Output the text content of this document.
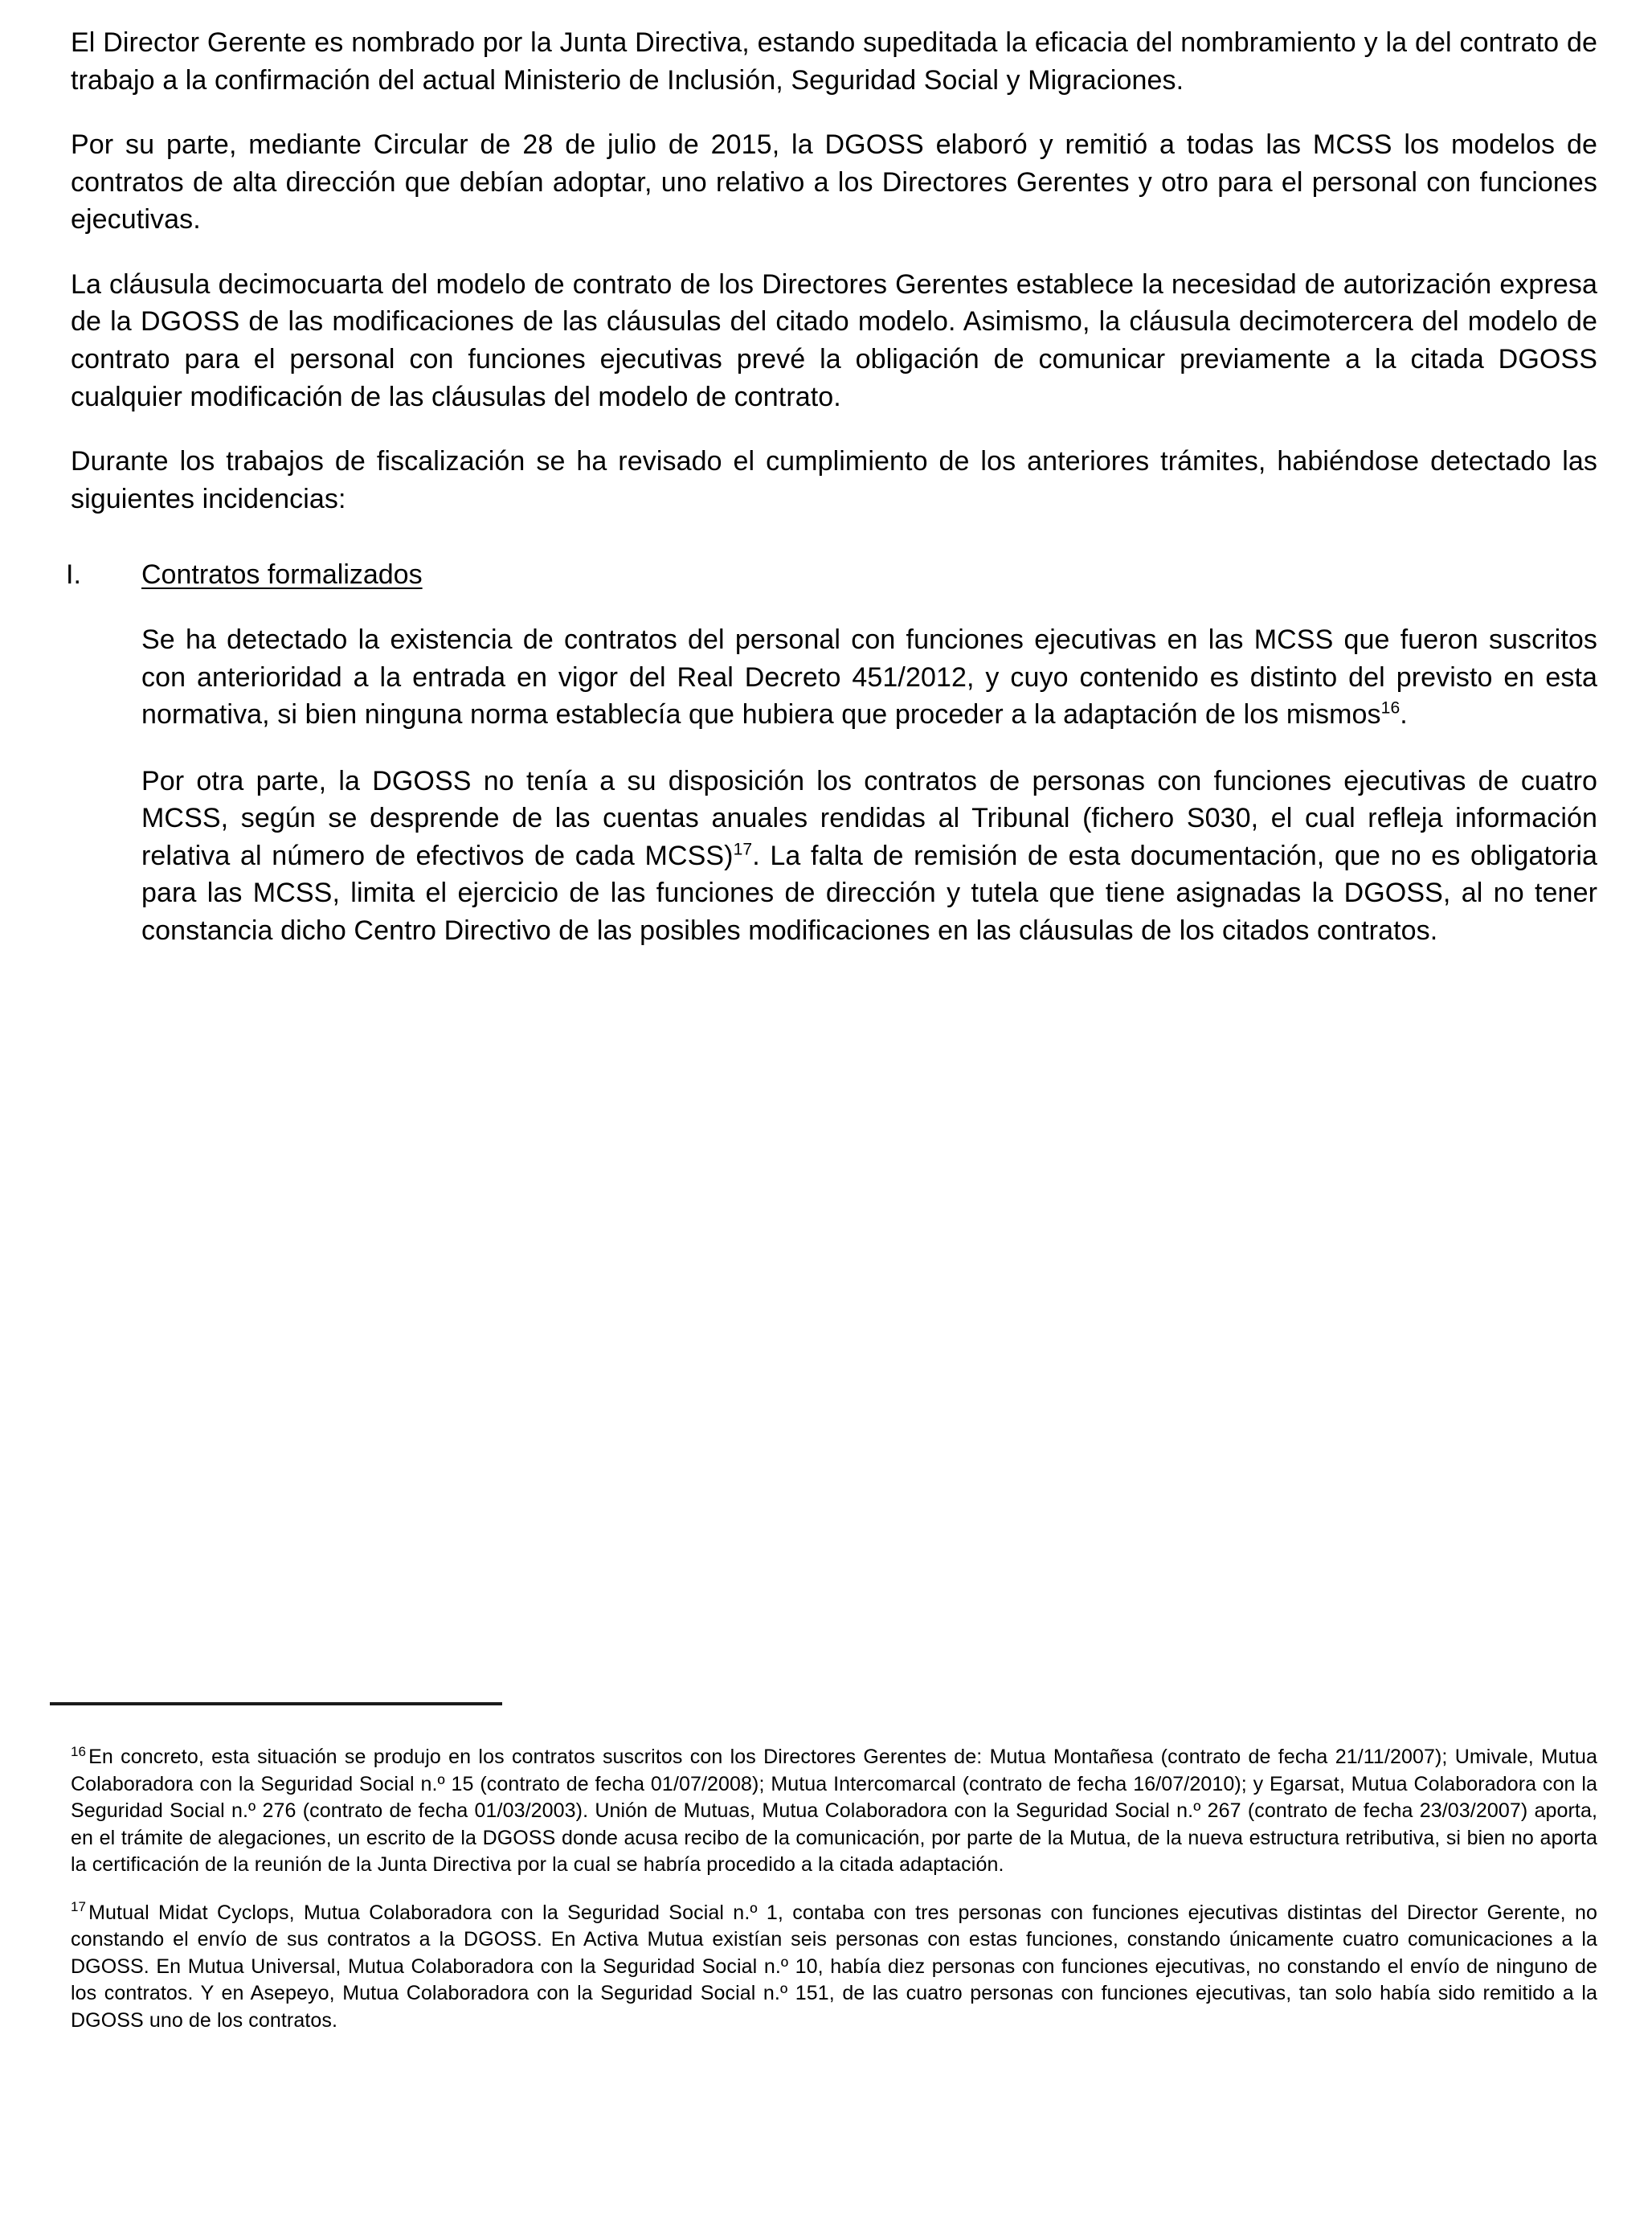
El Director Gerente es nombrado por la Junta Directiva, estando supeditada la eficacia del nombramiento y la del contrato de trabajo a la confirmación del actual Ministerio de Inclusión, Seguridad Social y Migraciones.

Por su parte, mediante Circular de 28 de julio de 2015, la DGOSS elaboró y remitió a todas las MCSS los modelos de contratos de alta dirección que debían adoptar, uno relativo a los Directores Gerentes y otro para el personal con funciones ejecutivas.

La cláusula decimocuarta del modelo de contrato de los Directores Gerentes establece la necesidad de autorización expresa de la DGOSS de las modificaciones de las cláusulas del citado modelo. Asimismo, la cláusula decimotercera del modelo de contrato para el personal con funciones ejecutivas prevé la obligación de comunicar previamente a la citada DGOSS cualquier modificación de las cláusulas del modelo de contrato.

Durante los trabajos de fiscalización se ha revisado el cumplimiento de los anteriores trámites, habiéndose detectado las siguientes incidencias:

I.	Contratos formalizados

Se ha detectado la existencia de contratos del personal con funciones ejecutivas en las MCSS que fueron suscritos con anterioridad a la entrada en vigor del Real Decreto 451/2012, y cuyo contenido es distinto del previsto en esta normativa, si bien ninguna norma establecía que hubiera que proceder a la adaptación de los mismos$^{16}$.

Por otra parte, la DGOSS no tenía a su disposición los contratos de personas con funciones ejecutivas de cuatro MCSS, según se desprende de las cuentas anuales rendidas al Tribunal (fichero S030, el cual refleja información relativa al número de efectivos de cada MCSS)$^{17}$. La falta de remisión de esta documentación, que no es obligatoria para las MCSS, limita el ejercicio de las funciones de dirección y tutela que tiene asignadas la DGOSS, al no tener constancia dicho Centro Directivo de las posibles modificaciones en las cláusulas de los citados contratos.

$^{16}$ En concreto, esta situación se produjo en los contratos suscritos con los Directores Gerentes de: Mutua Montañesa (contrato de fecha 21/11/2007); Umivale, Mutua Colaboradora con la Seguridad Social n.º 15 (contrato de fecha 01/07/2008); Mutua Intercomarcal (contrato de fecha 16/07/2010); y Egarsat, Mutua Colaboradora con la Seguridad Social n.º 276 (contrato de fecha 01/03/2003). Unión de Mutuas, Mutua Colaboradora con la Seguridad Social n.º 267 (contrato de fecha 23/03/2007) aporta, en el trámite de alegaciones, un escrito de la DGOSS donde acusa recibo de la comunicación, por parte de la Mutua, de la nueva estructura retributiva, si bien no aporta la certificación de la reunión de la Junta Directiva por la cual se habría procedido a la citada adaptación.

$^{17}$ Mutual Midat Cyclops, Mutua Colaboradora con la Seguridad Social n.º 1, contaba con tres personas con funciones ejecutivas distintas del Director Gerente, no constando el envío de sus contratos a la DGOSS. En Activa Mutua existían seis personas con estas funciones, constando únicamente cuatro comunicaciones a la DGOSS. En Mutua Universal, Mutua Colaboradora con la Seguridad Social n.º 10, había diez personas con funciones ejecutivas, no constando el envío de ninguno de los contratos. Y en Asepeyo, Mutua Colaboradora con la Seguridad Social n.º 151, de las cuatro personas con funciones ejecutivas, tan solo había sido remitido a la DGOSS uno de los contratos.
